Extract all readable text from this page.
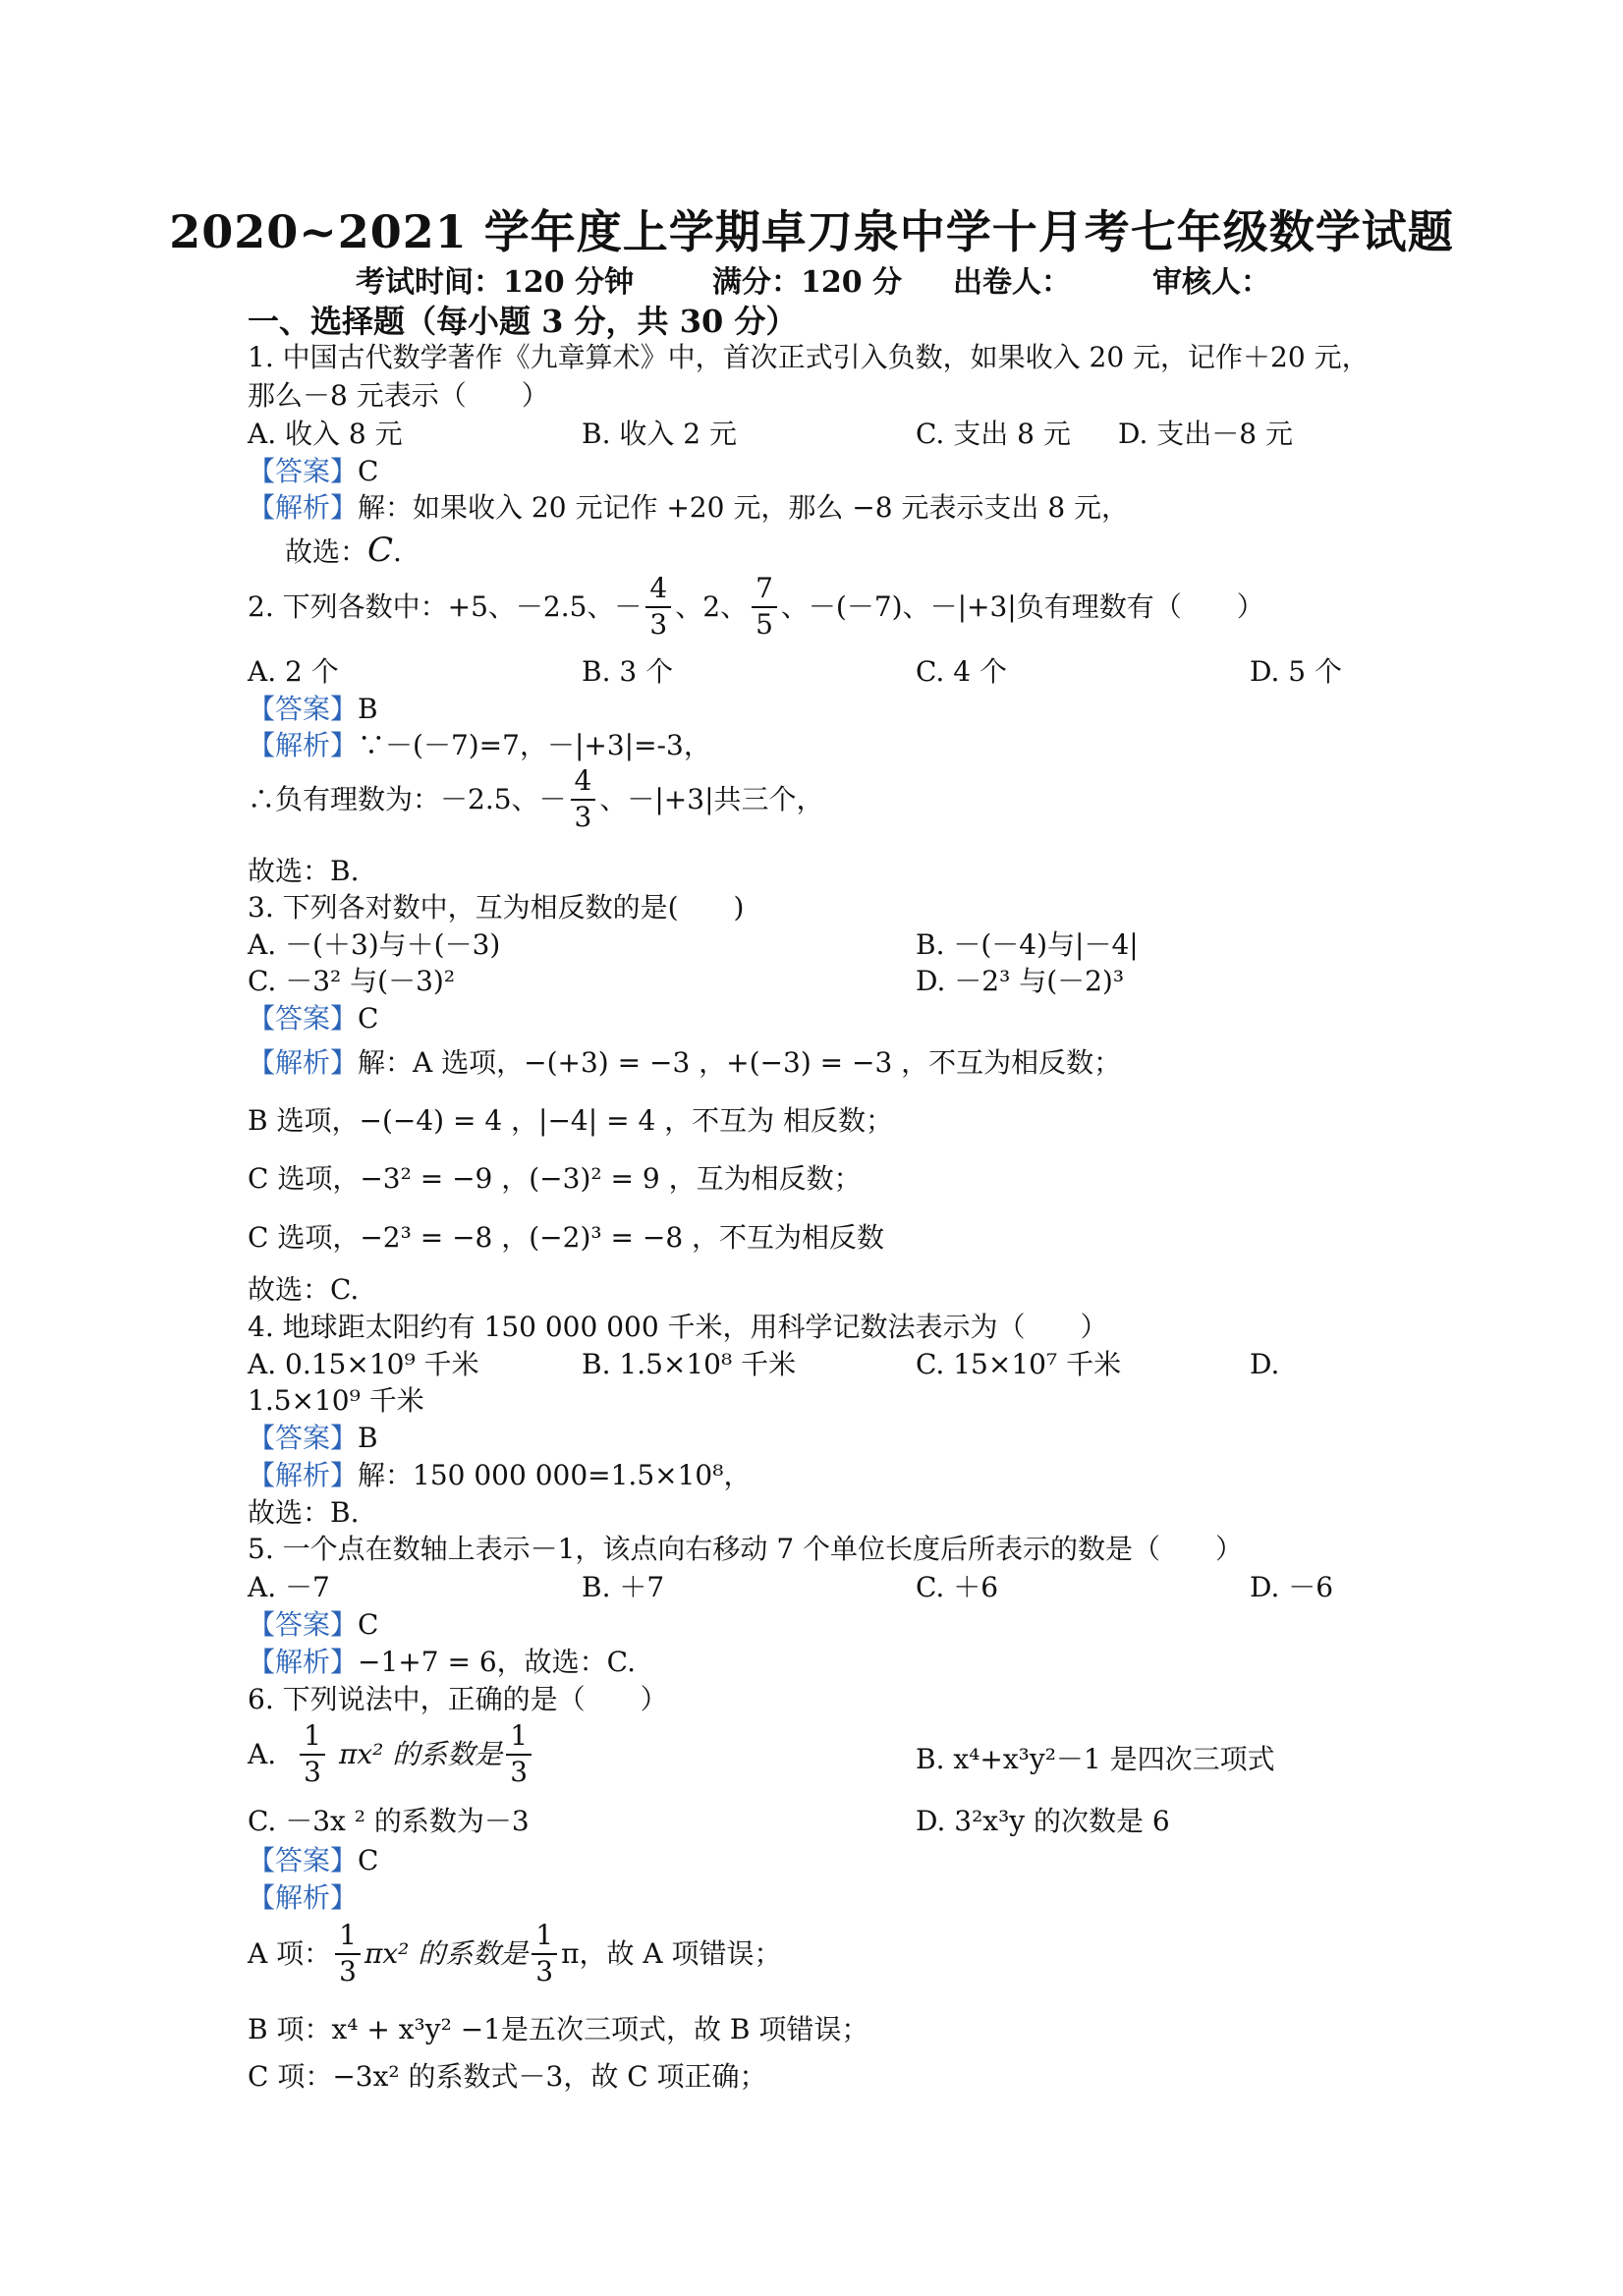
2020~2021 学年度上学期卓刀泉中学十月考七年级数学试题
考试时间：120 分钟	满分：120 分 出卷人：	审核人：
一、选择题（每小题 3 分，共 30 分）
1. 中国古代数学著作《九章算术》中，首次正式引入负数，如果收入 20 元，记作＋20 元，
那么－8 元表示（　　）
A. 收入 8 元	B. 收入 2 元	C. 支出 8 元 D. 支出－8 元
【答案】C
【解析】解：如果收入 20 元记作 +20 元，那么 −8 元表示支出 8 元，
故选：C.
2. 下列各数中：+5、－2.5、－ $\frac{4}{3}$ 、2、 $\frac{7}{5}$ 、－(－7)、－|+3|负有理数有（　　）
A. 2 个	B. 3 个	C. 4 个	D. 5 个
【答案】B
【解析】∵－(－7)=7，－|+3|=-3，
∴负有理数为：－2.5、－ $\frac{4}{3}$ 、－|+3|共三个，
故选：B.
3. 下列各对数中，互为相反数的是(　　)
A. －(＋3)与＋(－3)	B. －(－4)与|－4|
C. －3² 与(－3)²	D. －2³ 与(－2)³
【答案】C
【解析】解：A 选项，−(+3) = −3 ，+(−3) = −3 ，不互为相反数；
B 选项，−(−4) = 4 ，|−4| = 4 ，不互为 相反数；
C 选项，−3² = −9 ，(−3)² = 9 ，互为相反数；
C 选项，−2³ = −8 ，(−2)³ = −8 ，不互为相反数
故选：C.
4. 地球距太阳约有 150 000 000 千米，用科学记数法表示为（　　）
A. 0.15×10⁹ 千米	B. 1.5×10⁸ 千米	C. 15×10⁷ 千米	D.
1.5×10⁹ 千米
【答案】B
【解析】解：150 000 000=1.5×10⁸，
故选：B.
5. 一个点在数轴上表示－1，该点向右移动 7 个单位长度后所表示的数是（　　）
A. －7	B. ＋7	C. ＋6	D. －6
【答案】C
【解析】−1+7 = 6，故选：C.
6. 下列说法中，正确的是（　　）
A. $\frac{1}{3} \pi x^2$ 的系数是 $\frac{1}{3}$	B. x⁴+x³y²－1 是四次三项式
C. －3x ² 的系数为－3	D. 3²x³y 的次数是 6
【答案】C
【解析】
A 项： $\frac{1}{3} \pi x^2$ 的系数是 $\frac{1}{3}$ π，故 A 项错误；
B 项：x⁴ + x³y² −1是五次三项式，故 B 项错误；
C 项：−3x² 的系数式－3，故 C 项正确；
